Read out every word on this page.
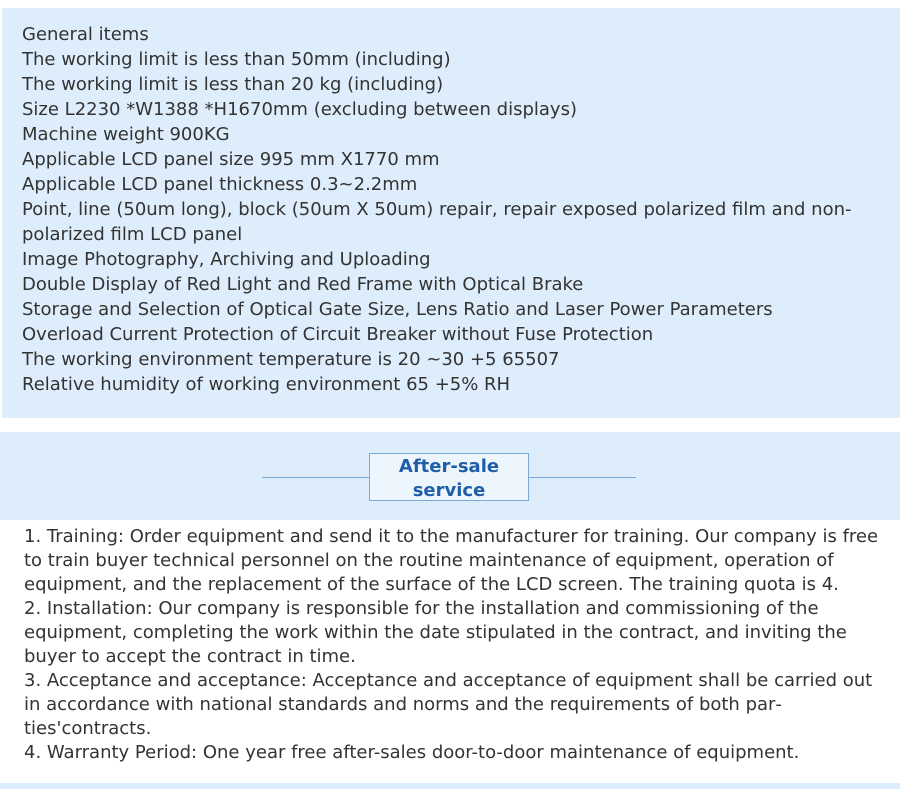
General items
The working limit is less than 50mm (including)
The working limit is less than 20 kg (including)
Size L2230 *W1388 *H1670mm (excluding between displays)
Machine weight 900KG
Applicable LCD panel size 995 mm X1770 mm
Applicable LCD panel thickness 0.3~2.2mm
Point, line (50um long), block (50um X 50um) repair, repair exposed polarized film and non-polarized film LCD panel
Image Photography, Archiving and Uploading
Double Display of Red Light and Red Frame with Optical Brake
Storage and Selection of Optical Gate Size, Lens Ratio and Laser Power Parameters
Overload Current Protection of Circuit Breaker without Fuse Protection
The working environment temperature is 20 ~30 +5 65507
Relative humidity of working environment 65 +5% RH
After-sale
service

1. Training: Order equipment and send it to the manufacturer for training. Our company is free to train buyer technical personnel on the routine maintenance of equipment, operation of equipment, and the replacement of the surface of the LCD screen. The training quota is 4.

2. Installation: Our company is responsible for the installation and commissioning of the equipment, completing the work within the date stipulated in the contract, and inviting the buyer to accept the contract in time.

3. Acceptance and acceptance: Acceptance and acceptance of equipment shall be carried out in accordance with national standards and norms and the requirements of both parties'contracts.

4. Warranty Period: One year free after-sales door-to-door maintenance of equipment.
